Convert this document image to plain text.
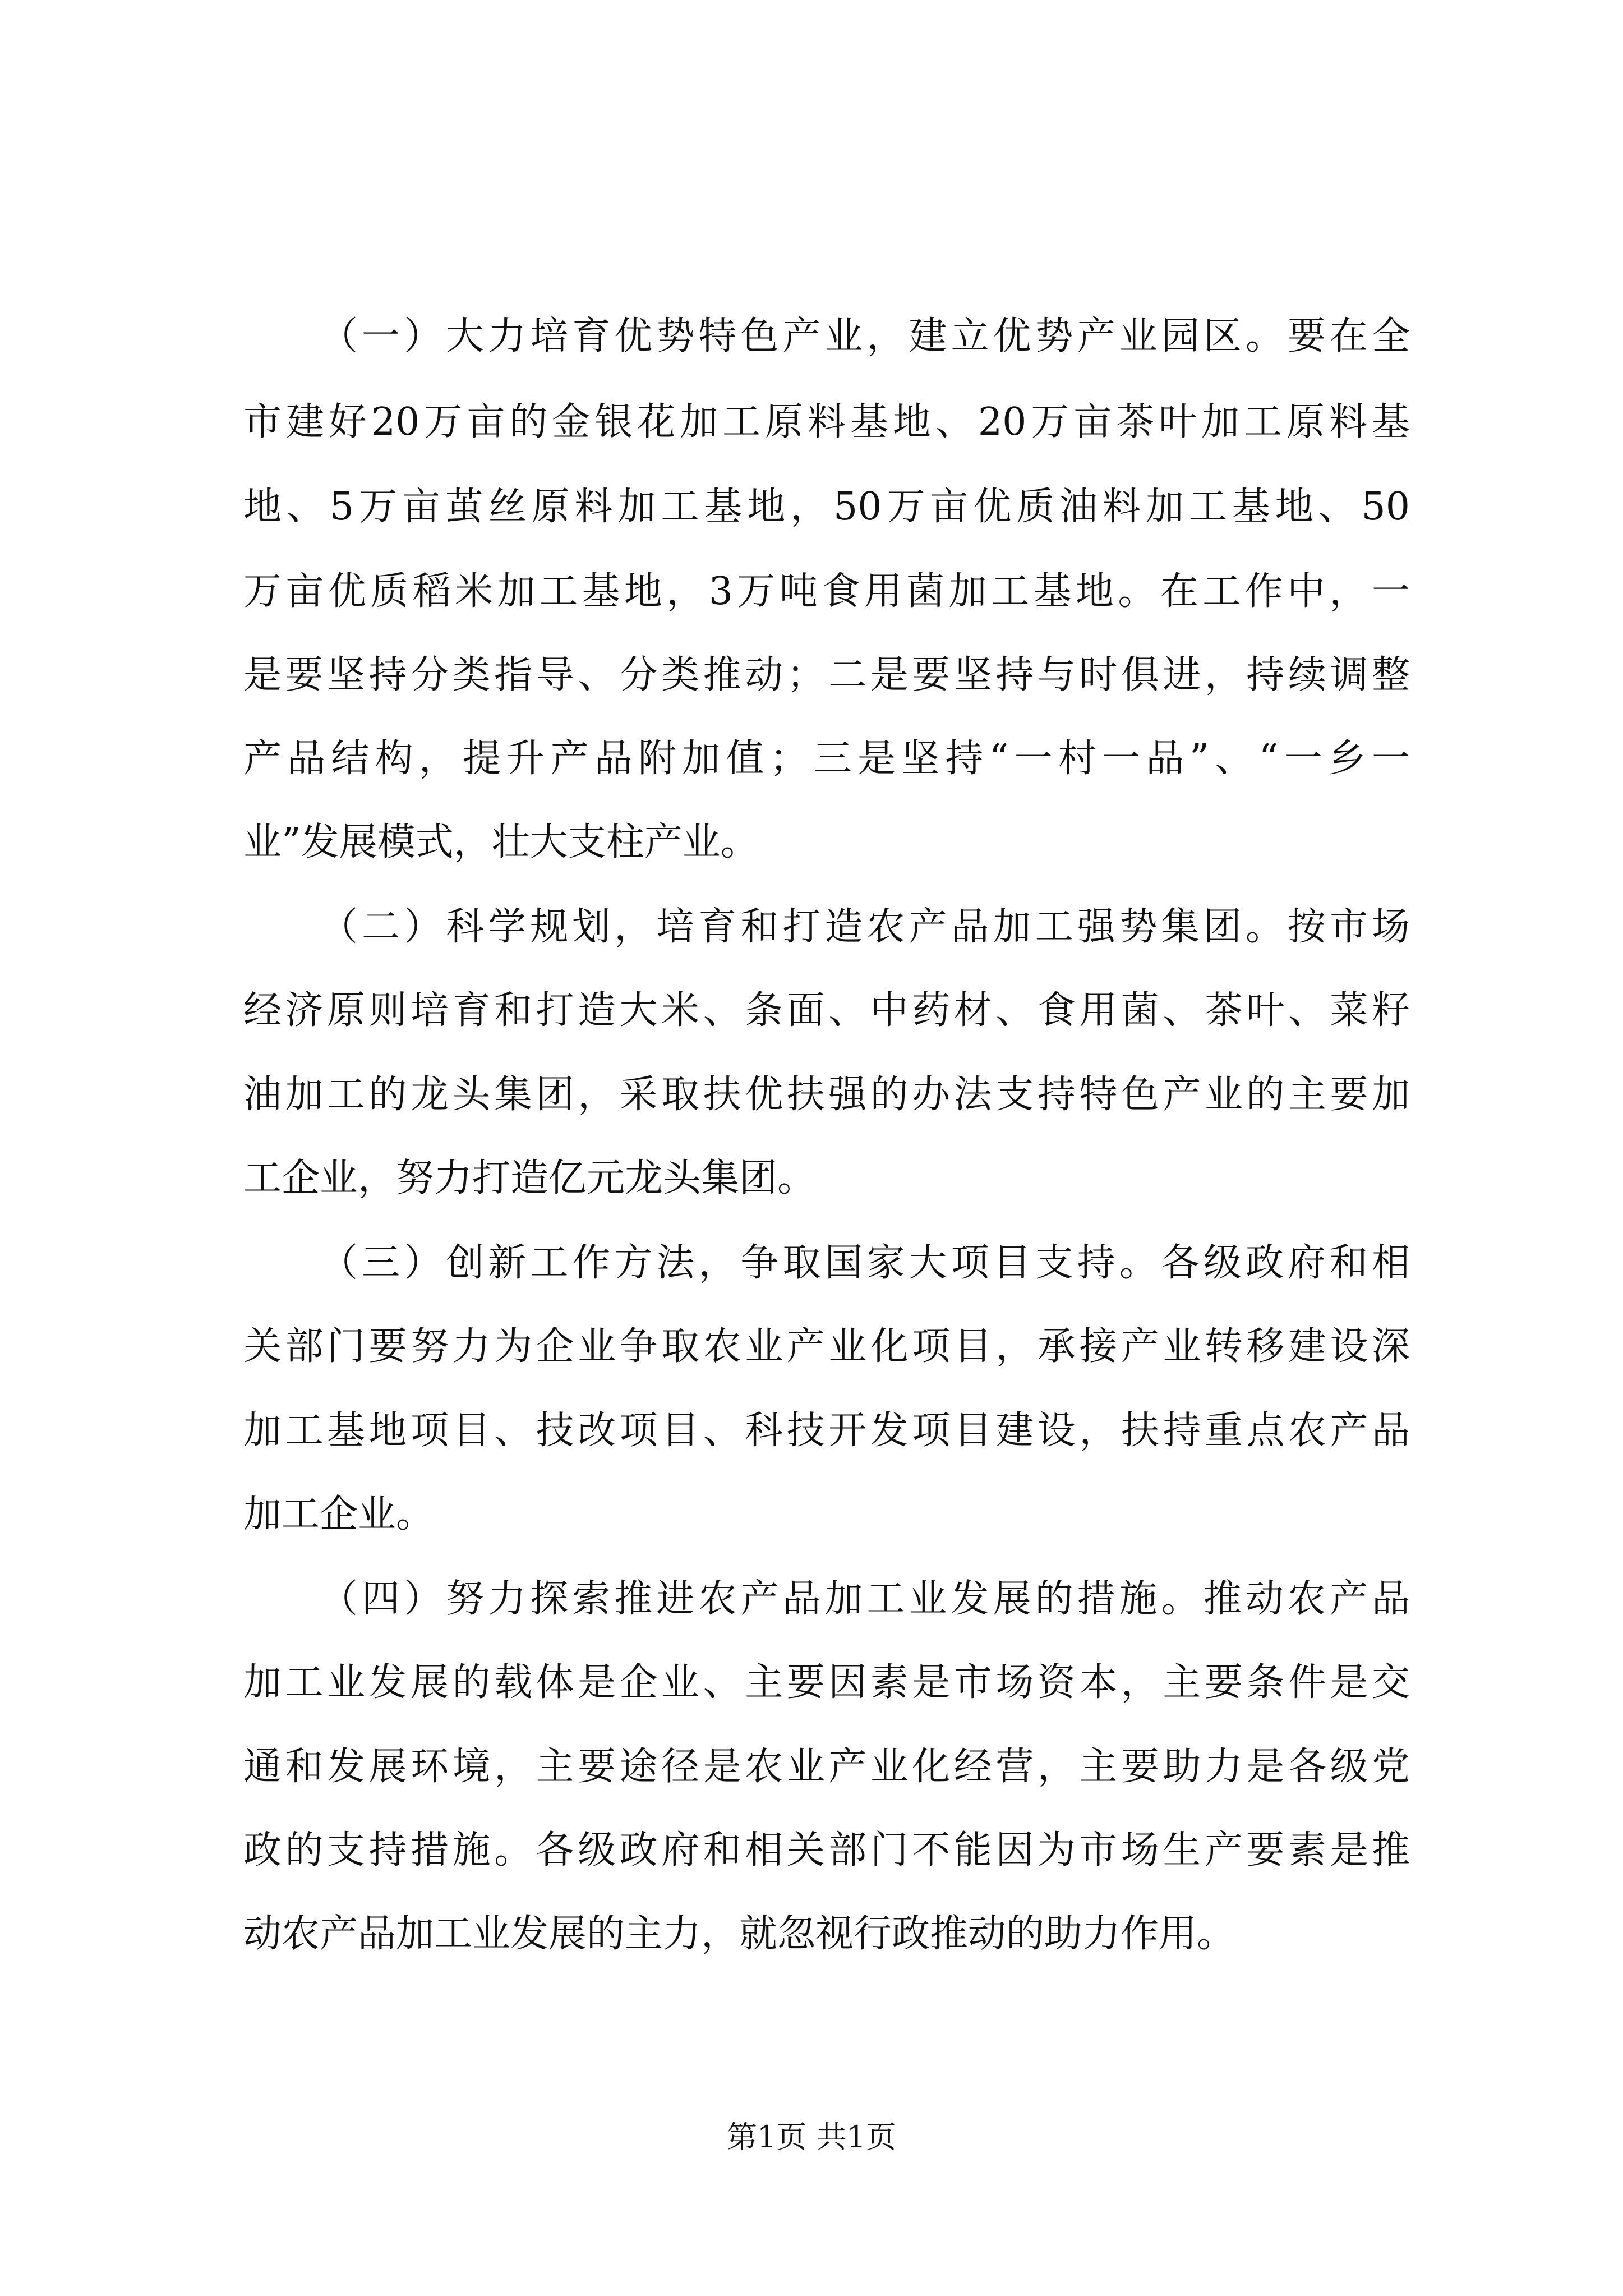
（一）大力培育优势特色产业，建立优势产业园区。要在全
市建好20万亩的金银花加工原料基地、20万亩茶叶加工原料基
地、5万亩茧丝原料加工基地，50万亩优质油料加工基地、50
万亩优质稻米加工基地，3万吨食用菌加工基地。在工作中，一
是要坚持分类指导、分类推动；二是要坚持与时俱进，持续调整
产品结构，提升产品附加值；三是坚持“一村一品”、“一乡一
业”发展模式，壮大支柱产业。
（二）科学规划，培育和打造农产品加工强势集团。按市场
经济原则培育和打造大米、条面、中药材、食用菌、茶叶、菜籽
油加工的龙头集团，采取扶优扶强的办法支持特色产业的主要加
工企业，努力打造亿元龙头集团。
（三）创新工作方法，争取国家大项目支持。各级政府和相
关部门要努力为企业争取农业产业化项目，承接产业转移建设深
加工基地项目、技改项目、科技开发项目建设，扶持重点农产品
加工企业。
（四）努力探索推进农产品加工业发展的措施。推动农产品
加工业发展的载体是企业、主要因素是市场资本，主要条件是交
通和发展环境，主要途径是农业产业化经营，主要助力是各级党
政的支持措施。各级政府和相关部门不能因为市场生产要素是推
动农产品加工业发展的主力，就忽视行政推动的助力作用。
第1页 共1页
